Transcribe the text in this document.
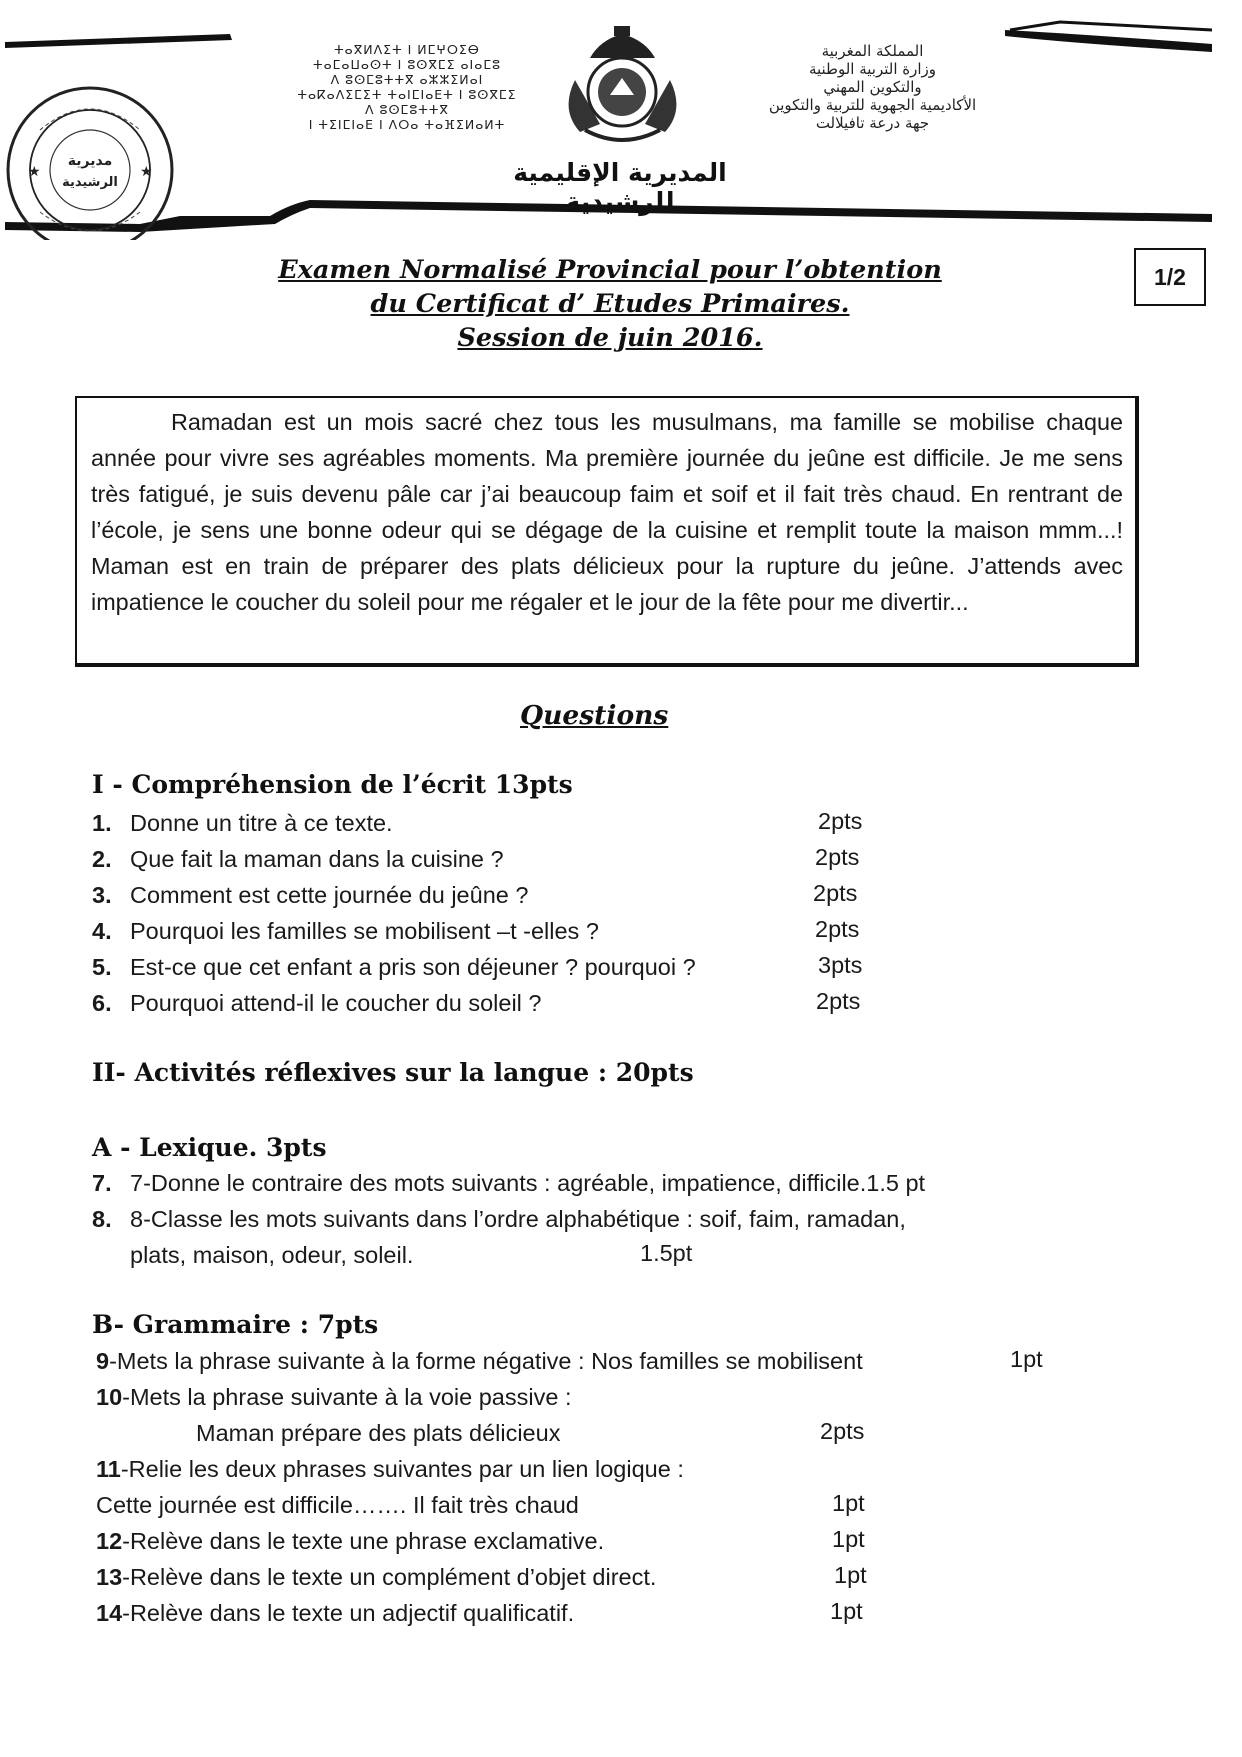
مديرية
الرشيدية
★	★
ⵜⴰⴳⵍⴷⵉⵜ ⵏ ⵍⵎⵖⵔⵉⴱ
ⵜⴰⵎⴰⵡⴰⵙⵜ ⵏ ⵓⵙⴳⵎⵉ ⴰⵏⴰⵎⵓ
ⴷ ⵓⵙⵎⵓⵜⵜⴳ ⴰⵣⵣⵉⵍⴰⵏ
ⵜⴰⴽⴰⴷⵉⵎⵉⵜ ⵜⴰⵏⵎⵏⴰⴹⵜ ⵏ ⵓⵙⴳⵎⵉ
ⴷ ⵓⵙⵎⵓⵜⵜⴳ
ⵏ ⵜⵉⵏⵎⵏⴰⴹ ⵏ ⴷⵔⴰ ⵜⴰⴼⵉⵍⴰⵍⵜ
المملكة المغربية
وزارة التربية الوطنية
والتكوين المهني
الأكاديمية الجهوية للتربية والتكوين
جهة درعة تافيلالت
المديرية الإقليمية للرشيدية
1/2
Examen Normalisé Provincial pour l’obtention
du Certificat d’ Etudes Primaires.
Session de juin 2016.

Ramadan est un mois sacré chez tous les musulmans, ma famille se mobilise chaque année pour vivre ses agréables moments. Ma première journée du jeûne est difficile. Je me sens très fatigué, je suis devenu pâle car j’ai beaucoup faim et soif et il fait très chaud. En rentrant de l’école, je sens une bonne odeur qui se dégage de la cuisine et remplit toute la maison mmm...! Maman est en train de préparer des plats délicieux pour la rupture du jeûne. J’attends avec impatience le coucher du soleil pour me régaler et le jour de la fête pour me divertir...

Questions
I - Compréhension de l’écrit 13pts
1. Donne un titre à ce texte.	2pts
2. Que fait la maman dans la cuisine ?	2pts
3. Comment est cette journée du jeûne ?	2pts
4. Pourquoi les familles se mobilisent –t -elles ?	2pts
5. Est-ce que cet enfant a pris son déjeuner ? pourquoi ?	3pts
6. Pourquoi attend-il le coucher du soleil ?	2pts
II- Activités réflexives sur la langue : 20pts
A - Lexique. 3pts
7. 7-Donne le contraire des mots suivants : agréable, impatience, difficile.1.5 pt
8. 8-Classe les mots suivants dans l’ordre alphabétique : soif, faim, ramadan,
plats, maison, odeur, soleil.	1.5pt
B- Grammaire : 7pts
9-Mets la phrase suivante à la forme négative : Nos familles se mobilisent	1pt
10-Mets la phrase suivante à la voie passive :
Maman prépare des plats délicieux	2pts
11-Relie les deux phrases suivantes par un lien logique :
Cette journée est difficile……. Il fait très chaud	1pt
12-Relève dans le texte une phrase exclamative.	1pt
13-Relève dans le texte un complément d’objet direct.	1pt
14-Relève dans le texte un adjectif qualificatif.	1pt
